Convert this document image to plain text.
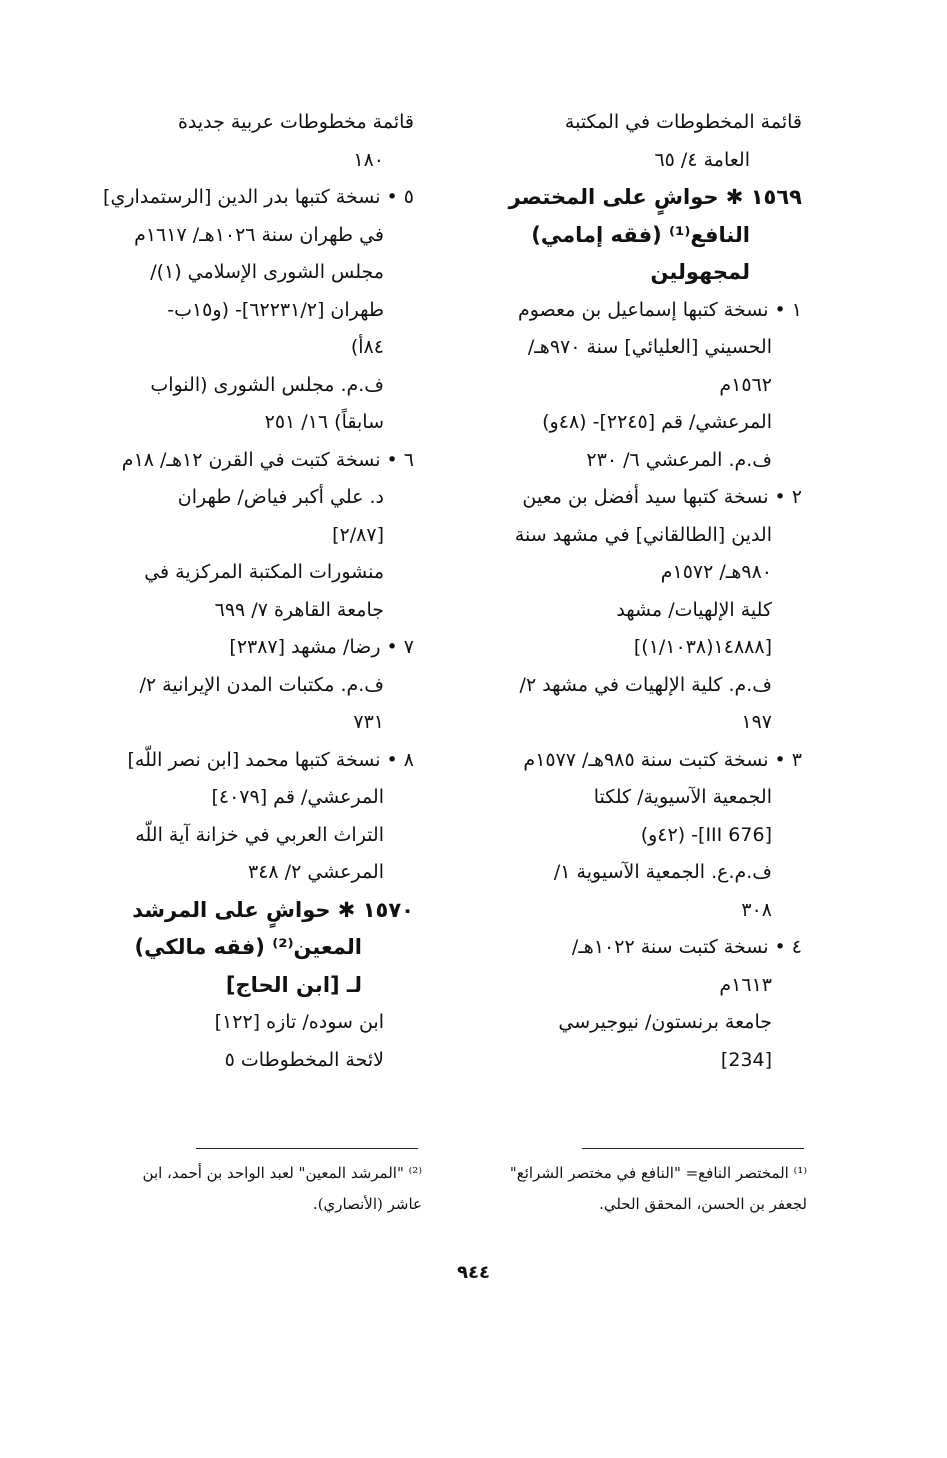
قائمة المخطوطات في المكتبة
العامة ٤/ ٦٥
١٥٦٩ ✱ حواشٍ على المختصر
النافع⁽¹⁾ (فقه إمامي)
لمجهولين
١ • نسخة كتبها إسماعيل بن معصوم
الحسيني [العليائي] سنة ٩٧٠هـ/
١٥٦٢م
المرعشي/ قم [٢٢٤٥]- (٤٨و)
ف.م. المرعشي ٦/ ٢٣٠
٢ • نسخة كتبها سيد أفضل بن معين
الدين [الطالقاني] في مشهد سنة
٩٨٠هـ/ ١٥٧٢م
كلية الإلهيات/ مشهد
[١٤٨٨٨(١/١٠٣٨)]
ف.م. كلية الإلهيات في مشهد ٢/
١٩٧
٣ • نسخة كتبت سنة ٩٨٥هـ/ ١٥٧٧م
الجمعية الآسيوية/ كلكتا
[III 676]- (٤٢و)
ف.م.ع. الجمعية الآسيوية ١/
٣٠٨
٤ • نسخة كتبت سنة ١٠٢٢هـ/
١٦١٣م
جامعة برنستون/ نيوجيرسي
[234]
قائمة مخطوطات عربية جديدة
١٨٠
٥ • نسخة كتبها بدر الدين [الرستمداري]
في طهران سنة ١٠٢٦هـ/ ١٦١٧م
مجلس الشورى الإسلامي (١)/
طهران [٦٢٢٣١/٢]- (و١٥ب-
٨٤أ)
ف.م. مجلس الشورى (النواب
سابقاً) ١٦/ ٢٥١
٦ • نسخة كتبت في القرن ١٢هـ/ ١٨م
د. علي أكبر فياض/ طهران
[٢/٨٧]
منشورات المكتبة المركزية في
جامعة القاهرة ٧/ ٦٩٩
٧ • رضا/ مشهد [٢٣٨٧]
ف.م. مكتبات المدن الإيرانية ٢/
٧٣١
٨ • نسخة كتبها محمد [ابن نصر اللّه]
المرعشي/ قم [٤٠٧٩]
التراث العربي في خزانة آية اللّه
المرعشي ٢/ ٣٤٨
١٥٧٠ ✱ حواشٍ على المرشد
المعين⁽²⁾ (فقه مالكي)
لـ [ابن الحاج]
ابن سوده/ تازه [١٢٢]
لائحة المخطوطات ٥
⁽¹⁾ المختصر النافع= "النافع في مختصر الشرائع"
لجعفر بن الحسن، المحقق الحلي.
⁽²⁾ "المرشد المعين" لعبد الواحد بن أحمد، ابن
عاشر (الأنصاري).
٩٤٤
